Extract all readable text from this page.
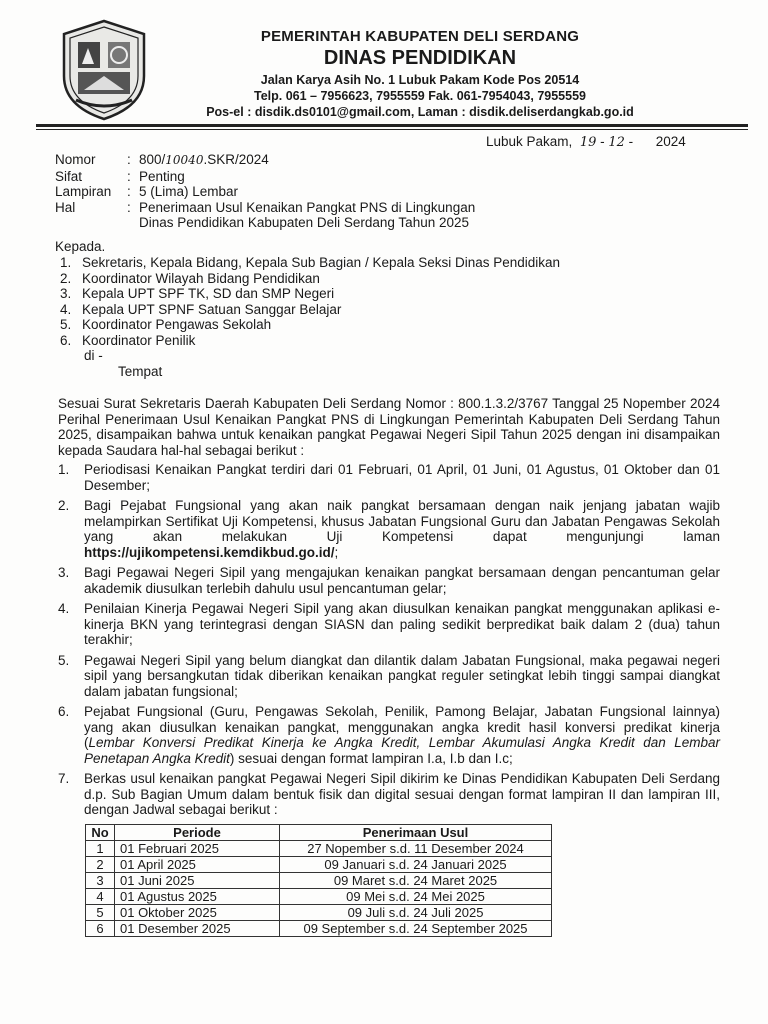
PEMERINTAH KABUPATEN DELI SERDANG
DINAS PENDIDIKAN
Jalan Karya Asih No. 1 Lubuk Pakam Kode Pos 20514
Telp. 061 – 7956623, 7955559 Fak. 061-7954043, 7955559
Pos-el : disdik.ds0101@gmail.com, Laman : disdik.deliserdangkab.go.id
Lubuk Pakam, 19 - 12 -      2024
Nomor	: 800/10040.SKR/2024
Sifat	: Penting
Lampiran	: 5 (Lima) Lembar
Hal	: Penerimaan Usul Kenaikan Pangkat PNS di Lingkungan
Dinas Pendidikan Kabupaten Deli Serdang Tahun 2025
Kepada.
1. Sekretaris, Kepala Bidang, Kepala Sub Bagian / Kepala Seksi Dinas Pendidikan
2. Koordinator Wilayah Bidang Pendidikan
3. Kepala UPT SPF TK, SD dan SMP Negeri
4. Kepala UPT SPNF Satuan Sanggar Belajar
5. Koordinator Pengawas Sekolah
6. Koordinator Penilik
di -
Tempat
Sesuai Surat Sekretaris Daerah Kabupaten Deli Serdang Nomor : 800.1.3.2/3767 Tanggal 25 Nopember 2024 Perihal Penerimaan Usul Kenaikan Pangkat PNS di Lingkungan Pemerintah Kabupaten Deli Serdang Tahun 2025, disampaikan bahwa untuk kenaikan pangkat Pegawai Negeri Sipil Tahun 2025 dengan ini disampaikan kepada Saudara hal-hal sebagai berikut :
1.	Periodisasi Kenaikan Pangkat terdiri dari 01 Februari, 01 April, 01 Juni, 01 Agustus, 01 Oktober dan 01 Desember;
2.	Bagi Pejabat Fungsional yang akan naik pangkat bersamaan dengan naik jenjang jabatan wajib melampirkan Sertifikat Uji Kompetensi, khusus Jabatan Fungsional Guru dan Jabatan Pengawas Sekolah yang akan melakukan Uji Kompetensi dapat mengunjungi laman https://ujikompetensi.kemdikbud.go.id/;
3.	Bagi Pegawai Negeri Sipil yang mengajukan kenaikan pangkat bersamaan dengan pencantuman gelar akademik diusulkan terlebih dahulu usul pencantuman gelar;
4.	Penilaian Kinerja Pegawai Negeri Sipil yang akan diusulkan kenaikan pangkat menggunakan aplikasi e-kinerja BKN yang terintegrasi dengan SIASN dan paling sedikit berpredikat baik dalam 2 (dua) tahun terakhir;
5.	Pegawai Negeri Sipil yang belum diangkat dan dilantik dalam Jabatan Fungsional, maka pegawai negeri sipil yang bersangkutan tidak diberikan kenaikan pangkat reguler setingkat lebih tinggi sampai diangkat dalam jabatan fungsional;
6.	Pejabat Fungsional (Guru, Pengawas Sekolah, Penilik, Pamong Belajar, Jabatan Fungsional lainnya) yang akan diusulkan kenaikan pangkat, menggunakan angka kredit hasil konversi predikat kinerja (Lembar Konversi Predikat Kinerja ke Angka Kredit, Lembar Akumulasi Angka Kredit dan Lembar Penetapan Angka Kredit) sesuai dengan format lampiran I.a, I.b dan I.c;
7.	Berkas usul kenaikan pangkat Pegawai Negeri Sipil dikirim ke Dinas Pendidikan Kabupaten Deli Serdang d.p. Sub Bagian Umum dalam bentuk fisik dan digital sesuai dengan format lampiran II dan lampiran III, dengan Jadwal sebagai berikut :
No	Periode	Penerimaan Usul
1	01 Februari 2025	27 Nopember s.d. 11 Desember 2024
2	01 April 2025	09 Januari s.d. 24 Januari 2025
3	01 Juni 2025	09 Maret s.d. 24 Maret 2025
4	01 Agustus 2025	09 Mei s.d. 24 Mei 2025
5	01 Oktober 2025	09 Juli s.d. 24 Juli 2025
6	01 Desember 2025	09 September s.d. 24 September 2025
